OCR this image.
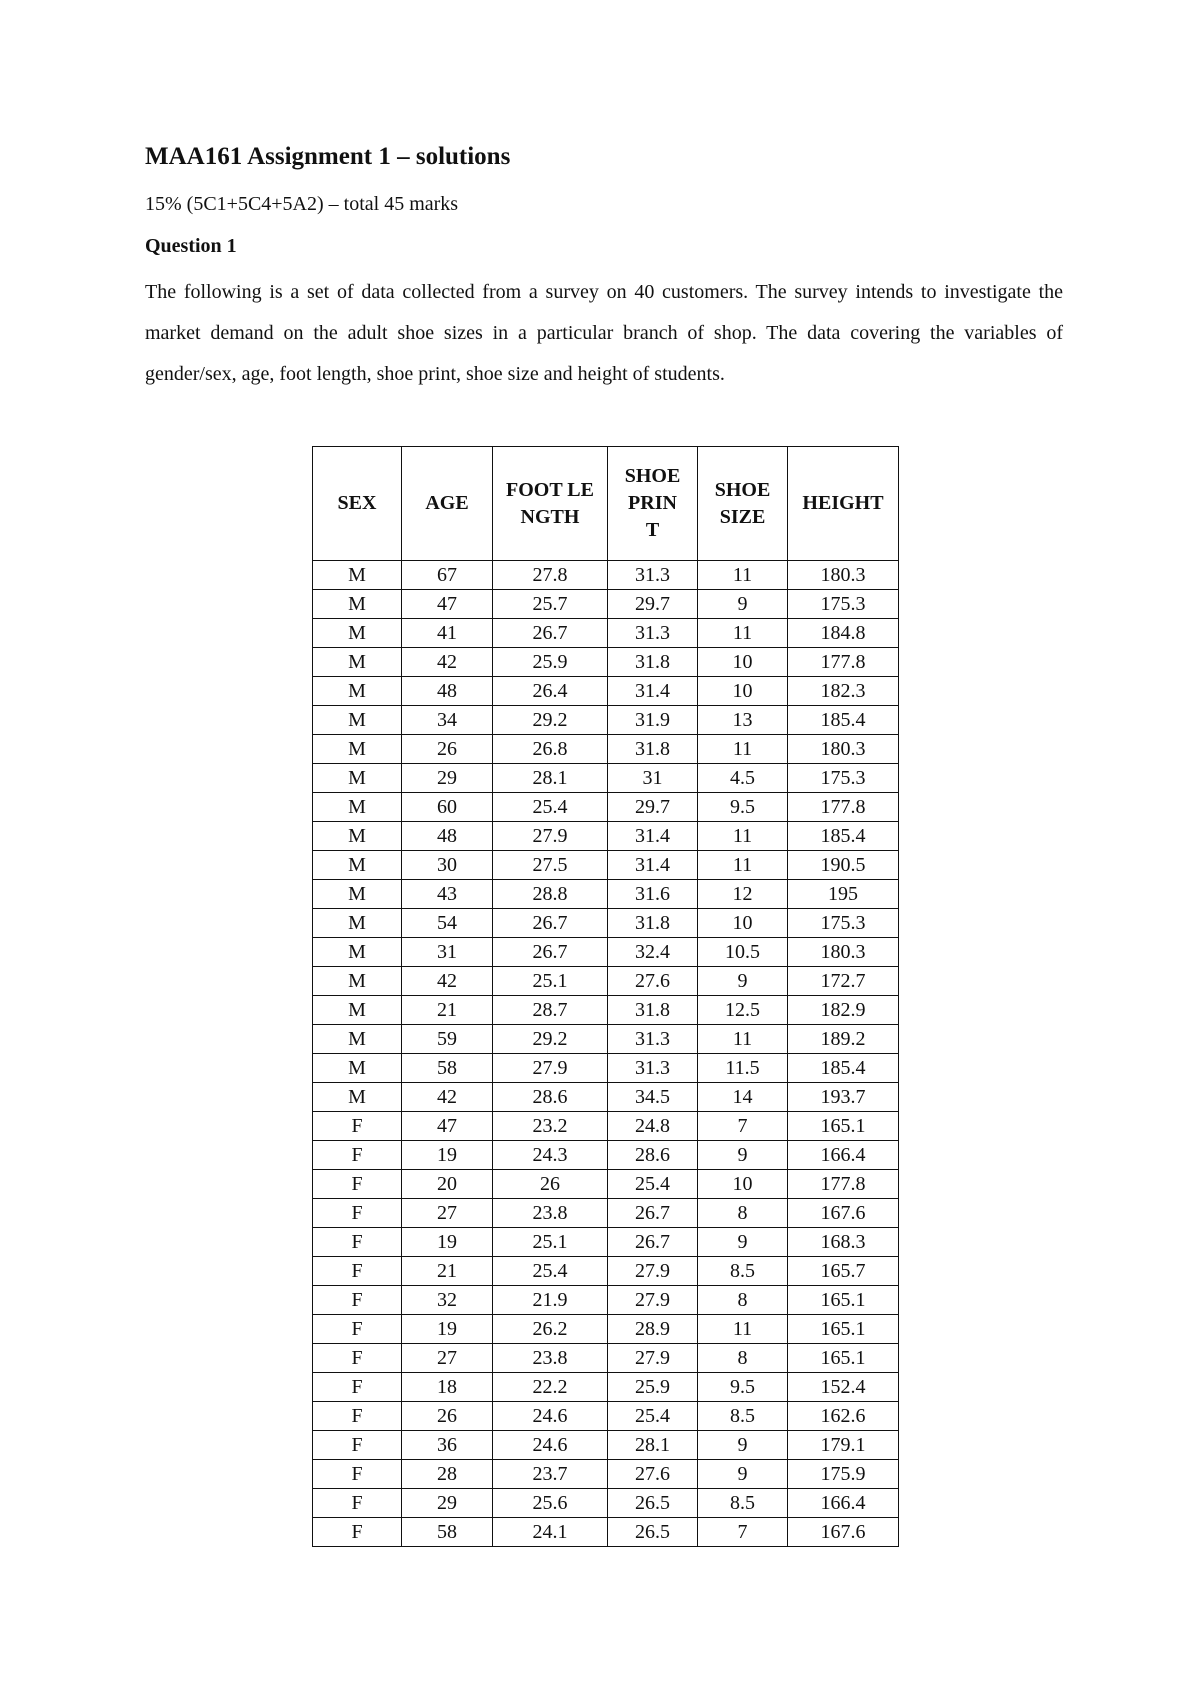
MAA161 Assignment 1 – solutions

15% (5C1+5C4+5A2) – total 45 marks

Question 1

The following is a set of data collected from a survey on 40 customers. The survey intends to investigate the market demand on the adult shoe sizes in a particular branch of shop. The data covering the variables of gender/sex, age, foot length, shoe print, shoe size and height of students.

SEX	AGE	FOOT LENGTH	SHOE PRINT	SHOE SIZE	HEIGHT
M	67	27.8	31.3	11	180.3
M	47	25.7	29.7	9	175.3
M	41	26.7	31.3	11	184.8
M	42	25.9	31.8	10	177.8
M	48	26.4	31.4	10	182.3
M	34	29.2	31.9	13	185.4
M	26	26.8	31.8	11	180.3
M	29	28.1	31	4.5	175.3
M	60	25.4	29.7	9.5	177.8
M	48	27.9	31.4	11	185.4
M	30	27.5	31.4	11	190.5
M	43	28.8	31.6	12	195
M	54	26.7	31.8	10	175.3
M	31	26.7	32.4	10.5	180.3
M	42	25.1	27.6	9	172.7
M	21	28.7	31.8	12.5	182.9
M	59	29.2	31.3	11	189.2
M	58	27.9	31.3	11.5	185.4
M	42	28.6	34.5	14	193.7
F	47	23.2	24.8	7	165.1
F	19	24.3	28.6	9	166.4
F	20	26	25.4	10	177.8
F	27	23.8	26.7	8	167.6
F	19	25.1	26.7	9	168.3
F	21	25.4	27.9	8.5	165.7
F	32	21.9	27.9	8	165.1
F	19	26.2	28.9	11	165.1
F	27	23.8	27.9	8	165.1
F	18	22.2	25.9	9.5	152.4
F	26	24.6	25.4	8.5	162.6
F	36	24.6	28.1	9	179.1
F	28	23.7	27.6	9	175.9
F	29	25.6	26.5	8.5	166.4
F	58	24.1	26.5	7	167.6
